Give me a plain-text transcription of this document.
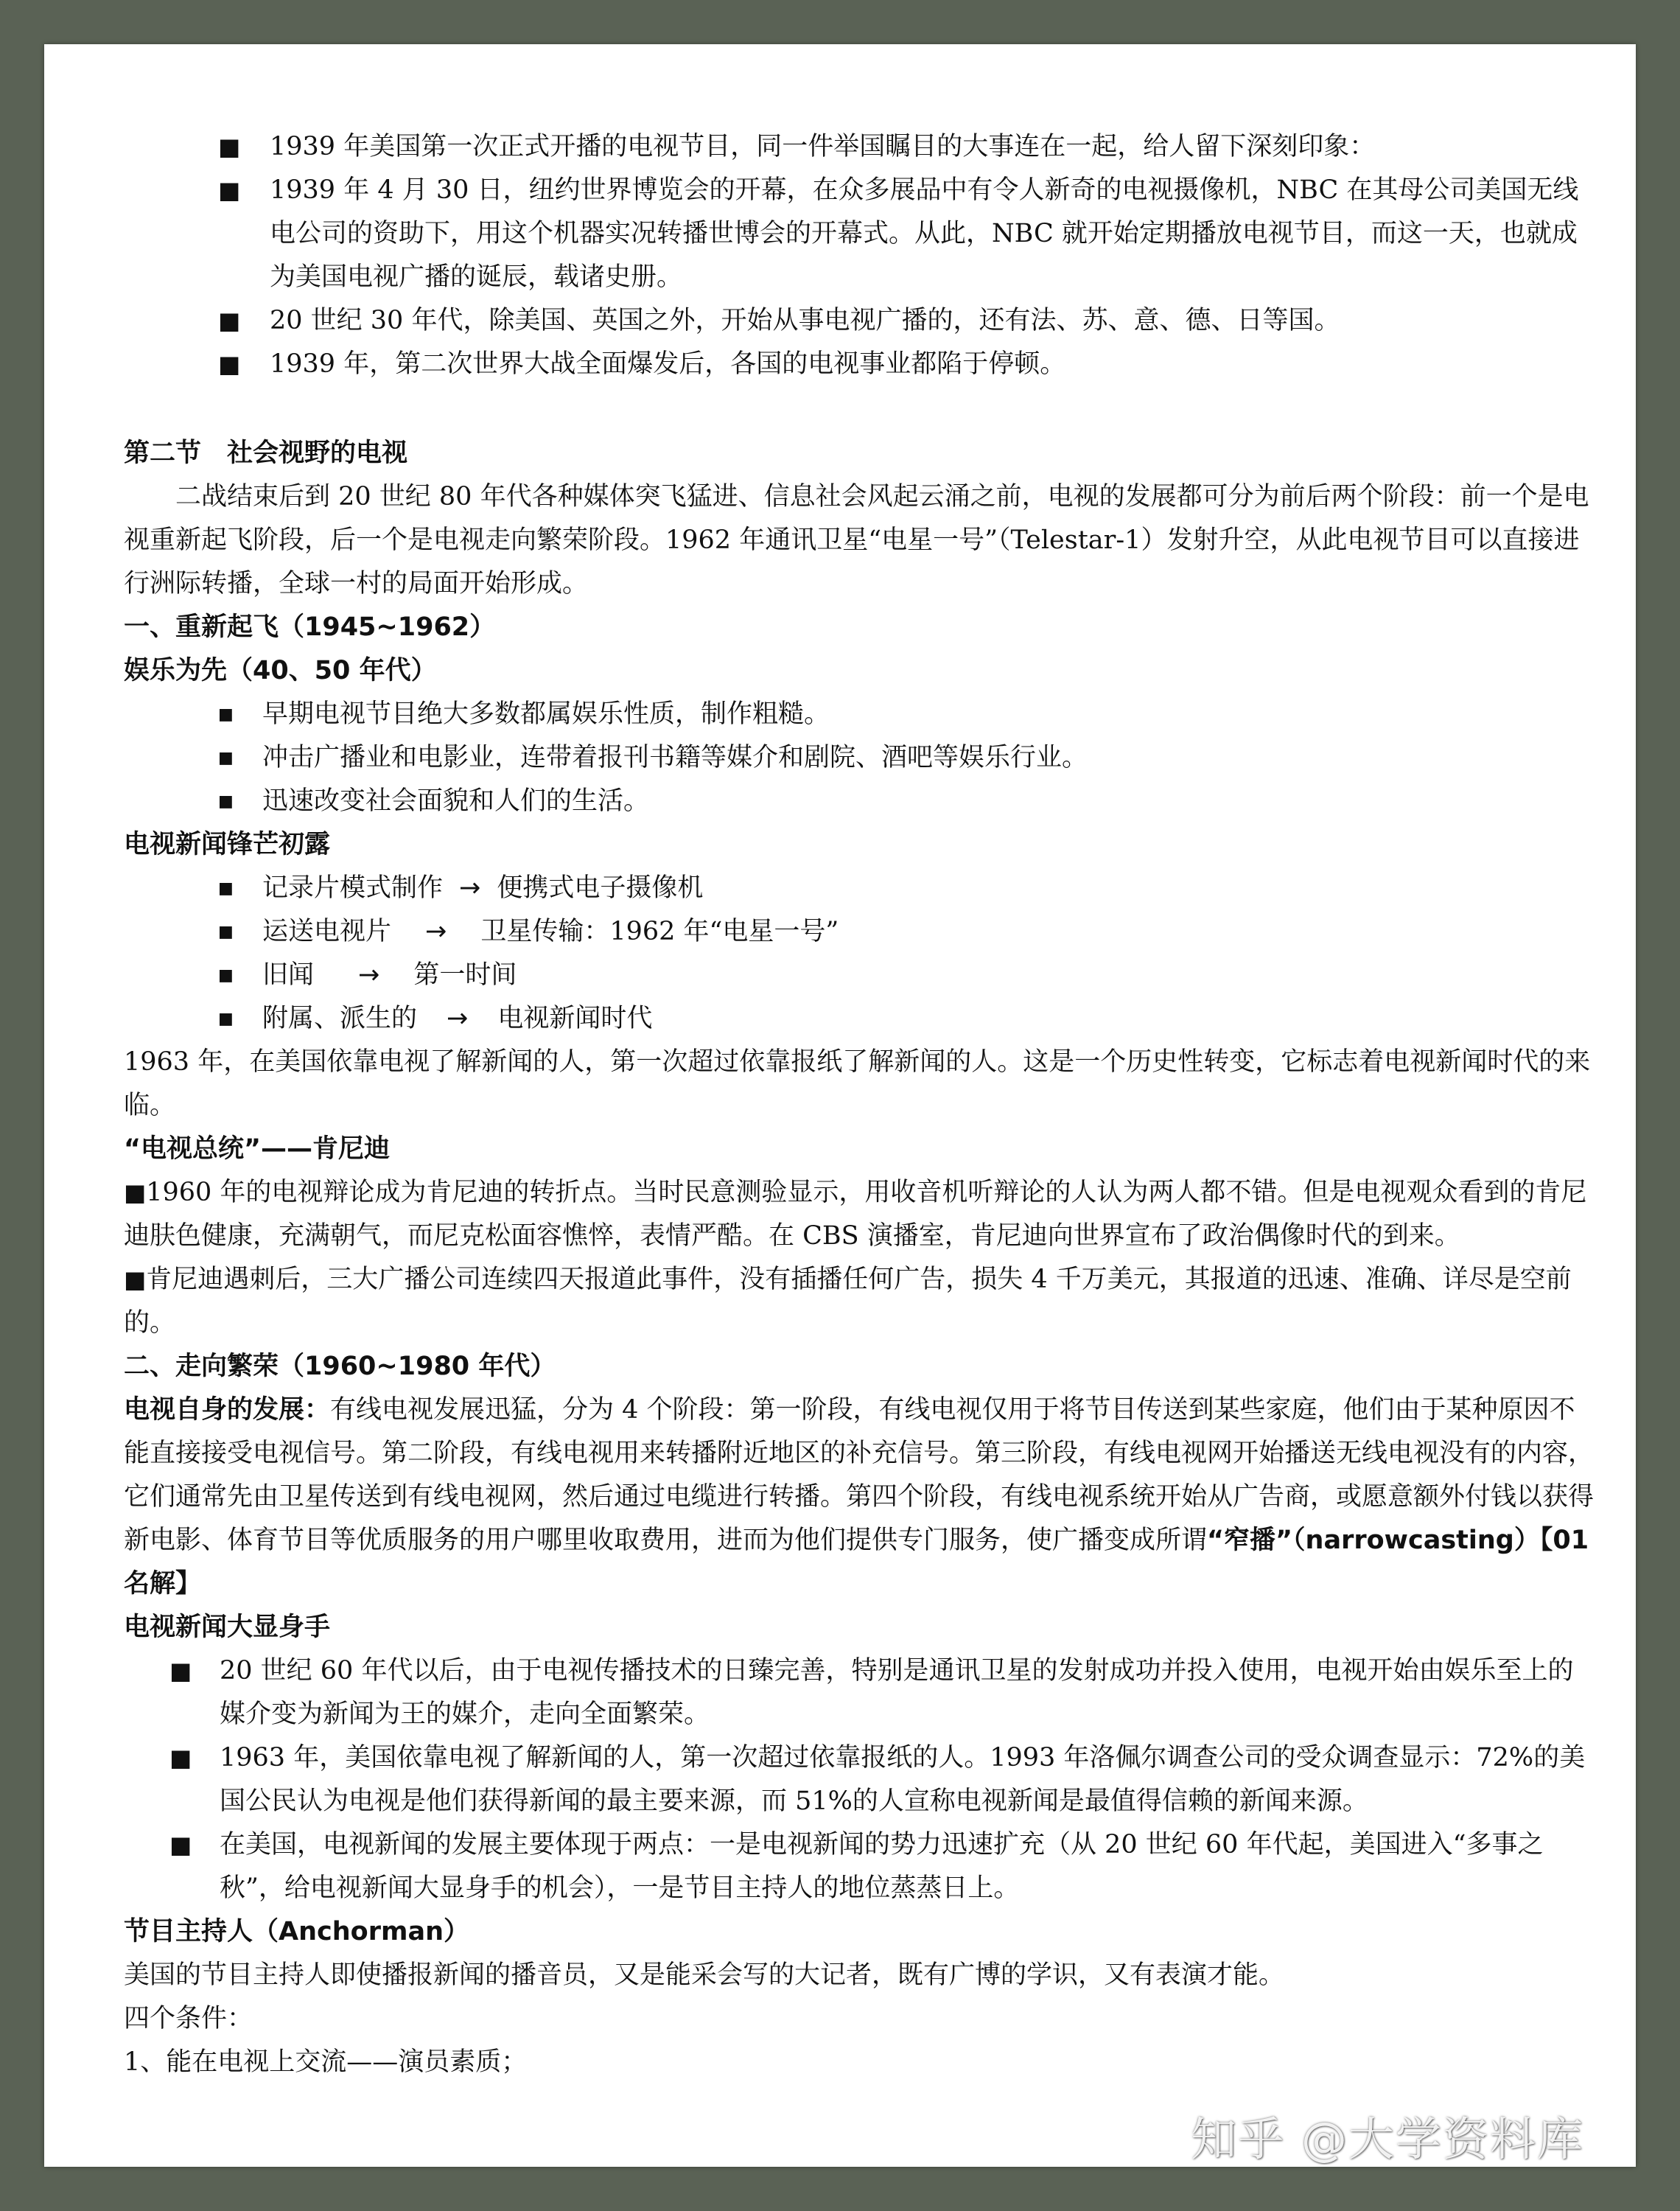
■	1939 年美国第一次正式开播的电视节目，同一件举国瞩目的大事连在一起，给人留下深刻印象：
■	1939 年 4 月 30 日，纽约世界博览会的开幕，在众多展品中有令人新奇的电视摄像机，NBC 在其母公司美国无线电公司的资助下，用这个机器实况转播世博会的开幕式。从此，NBC 就开始定期播放电视节目，而这一天，也就成为美国电视广播的诞辰，载诸史册。
■	20 世纪 30 年代，除美国、英国之外，开始从事电视广播的，还有法、苏、意、德、日等国。
■	1939 年，第二次世界大战全面爆发后，各国的电视事业都陷于停顿。
第二节　社会视野的电视

二战结束后到 20 世纪 80 年代各种媒体突飞猛进、信息社会风起云涌之前，电视的发展都可分为前后两个阶段：前一个是电视重新起飞阶段，后一个是电视走向繁荣阶段。1962 年通讯卫星“电星一号”（Telestar-1）发射升空，从此电视节目可以直接进行洲际转播，全球一村的局面开始形成。

一、重新起飞（1945~1962）
娱乐为先（40、50 年代）
■	早期电视节目绝大多数都属娱乐性质，制作粗糙。
■	冲击广播业和电影业，连带着报刊书籍等媒介和剧院、酒吧等娱乐行业。
■	迅速改变社会面貌和人们的生活。
电视新闻锋芒初露
■	记录片模式制作 → 便携式电子摄像机
■	运送电视片 → 卫星传输：1962 年“电星一号”
■	旧闻 → 第一时间
■	附属、派生的 → 电视新闻时代

1963 年，在美国依靠电视了解新闻的人，第一次超过依靠报纸了解新闻的人。这是一个历史性转变，它标志着电视新闻时代的来临。

“电视总统”——肯尼迪

■1960 年的电视辩论成为肯尼迪的转折点。当时民意测验显示，用收音机听辩论的人认为两人都不错。但是电视观众看到的肯尼迪肤色健康，充满朝气，而尼克松面容憔悴，表情严酷。在 CBS 演播室，肯尼迪向世界宣布了政治偶像时代的到来。

■肯尼迪遇刺后，三大广播公司连续四天报道此事件，没有插播任何广告，损失 4 千万美元，其报道的迅速、准确、详尽是空前的。

二、走向繁荣（1960~1980 年代）

电视自身的发展：有线电视发展迅猛，分为 4 个阶段：第一阶段，有线电视仅用于将节目传送到某些家庭，他们由于某种原因不能直接接受电视信号。第二阶段，有线电视用来转播附近地区的补充信号。第三阶段，有线电视网开始播送无线电视没有的内容，它们通常先由卫星传送到有线电视网，然后通过电缆进行转播。第四个阶段，有线电视系统开始从广告商，或愿意额外付钱以获得新电影、体育节目等优质服务的用户哪里收取费用，进而为他们提供专门服务，使广播变成所谓“窄播”（narrowcasting）【01 名解】

电视新闻大显身手
■	20 世纪 60 年代以后，由于电视传播技术的日臻完善，特别是通讯卫星的发射成功并投入使用，电视开始由娱乐至上的媒介变为新闻为王的媒介，走向全面繁荣。
■	1963 年，美国依靠电视了解新闻的人，第一次超过依靠报纸的人。1993 年洛佩尔调查公司的受众调查显示：72%的美国公民认为电视是他们获得新闻的最主要来源，而 51%的人宣称电视新闻是最值得信赖的新闻来源。
■	在美国，电视新闻的发展主要体现于两点：一是电视新闻的势力迅速扩充（从 20 世纪 60 年代起，美国进入“多事之秋”，给电视新闻大显身手的机会），一是节目主持人的地位蒸蒸日上。
节目主持人（Anchorman）

美国的节目主持人即使播报新闻的播音员，又是能采会写的大记者，既有广博的学识，又有表演才能。

四个条件：

1、能在电视上交流——演员素质；

知乎 @大学资料库
